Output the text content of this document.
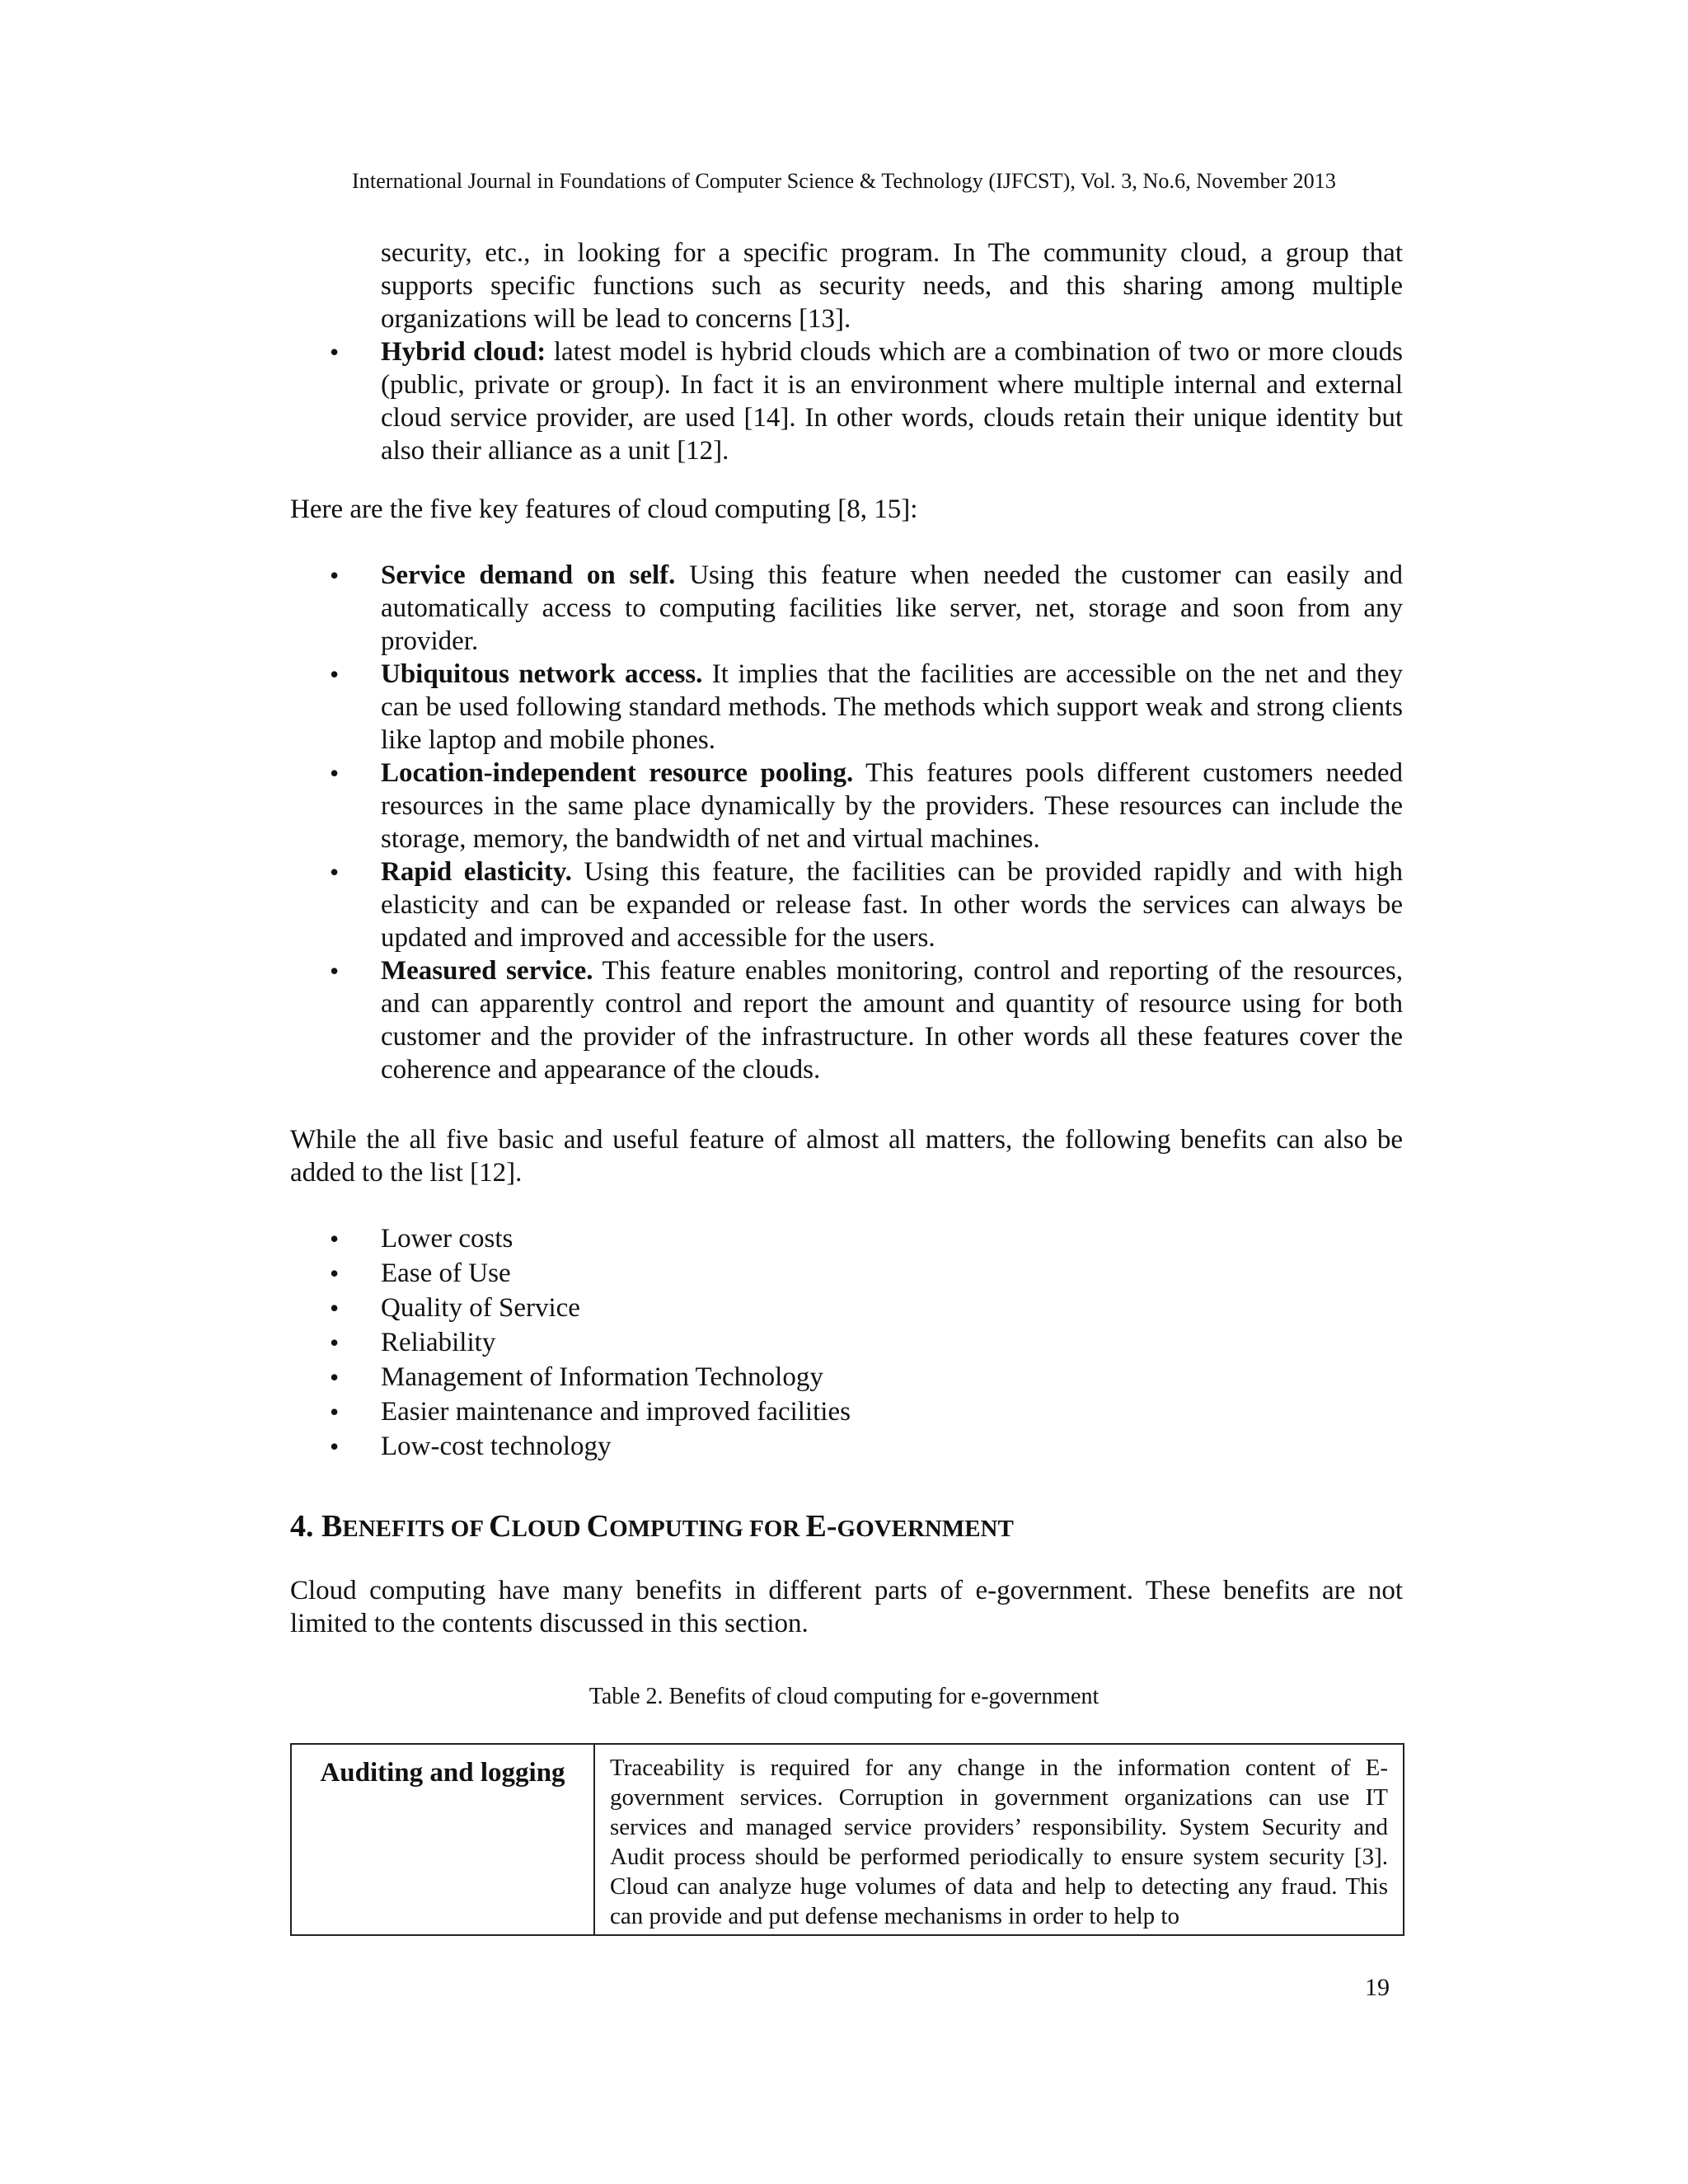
International Journal in Foundations of Computer Science & Technology (IJFCST), Vol. 3, No.6, November 2013
security, etc., in looking for a specific program. In The community cloud, a group that supports specific functions such as security needs, and this sharing among multiple organizations will be lead to concerns [13].
• Hybrid cloud: latest model is hybrid clouds which are a combination of two or more clouds (public, private or group). In fact it is an environment where multiple internal and external cloud service provider, are used [14]. In other words, clouds retain their unique identity but also their alliance as a unit [12].
Here are the five key features of cloud computing [8, 15]:
• Service demand on self. Using this feature when needed the customer can easily and automatically access to computing facilities like server, net, storage and soon from any provider.
• Ubiquitous network access. It implies that the facilities are accessible on the net and they can be used following standard methods. The methods which support weak and strong clients like laptop and mobile phones.
• Location-independent resource pooling. This features pools different customers needed resources in the same place dynamically by the providers. These resources can include the storage, memory, the bandwidth of net and virtual machines.
• Rapid elasticity. Using this feature, the facilities can be provided rapidly and with high elasticity and can be expanded or release fast. In other words the services can always be updated and improved and accessible for the users.
• Measured service. This feature enables monitoring, control and reporting of the resources, and can apparently control and report the amount and quantity of resource using for both customer and the provider of the infrastructure. In other words all these features cover the coherence and appearance of the clouds.
While the all five basic and useful feature of almost all matters, the following benefits can also be added to the list [12].
• Lower costs
• Ease of Use
• Quality of Service
• Reliability
• Management of Information Technology
• Easier maintenance and improved facilities
• Low-cost technology
4. BENEFITS OF CLOUD COMPUTING FOR E-GOVERNMENT
Cloud computing have many benefits in different parts of e-government. These benefits are not limited to the contents discussed in this section.
Table 2. Benefits of cloud computing for e-government
Auditing and logging	Traceability is required for any change in the information content of E-government services. Corruption in government organizations can use IT services and managed service providers’ responsibility. System Security and Audit process should be performed periodically to ensure system security [3]. Cloud can analyze huge volumes of data and help to detecting any fraud. This can provide and put defense mechanisms in order to help to
19
